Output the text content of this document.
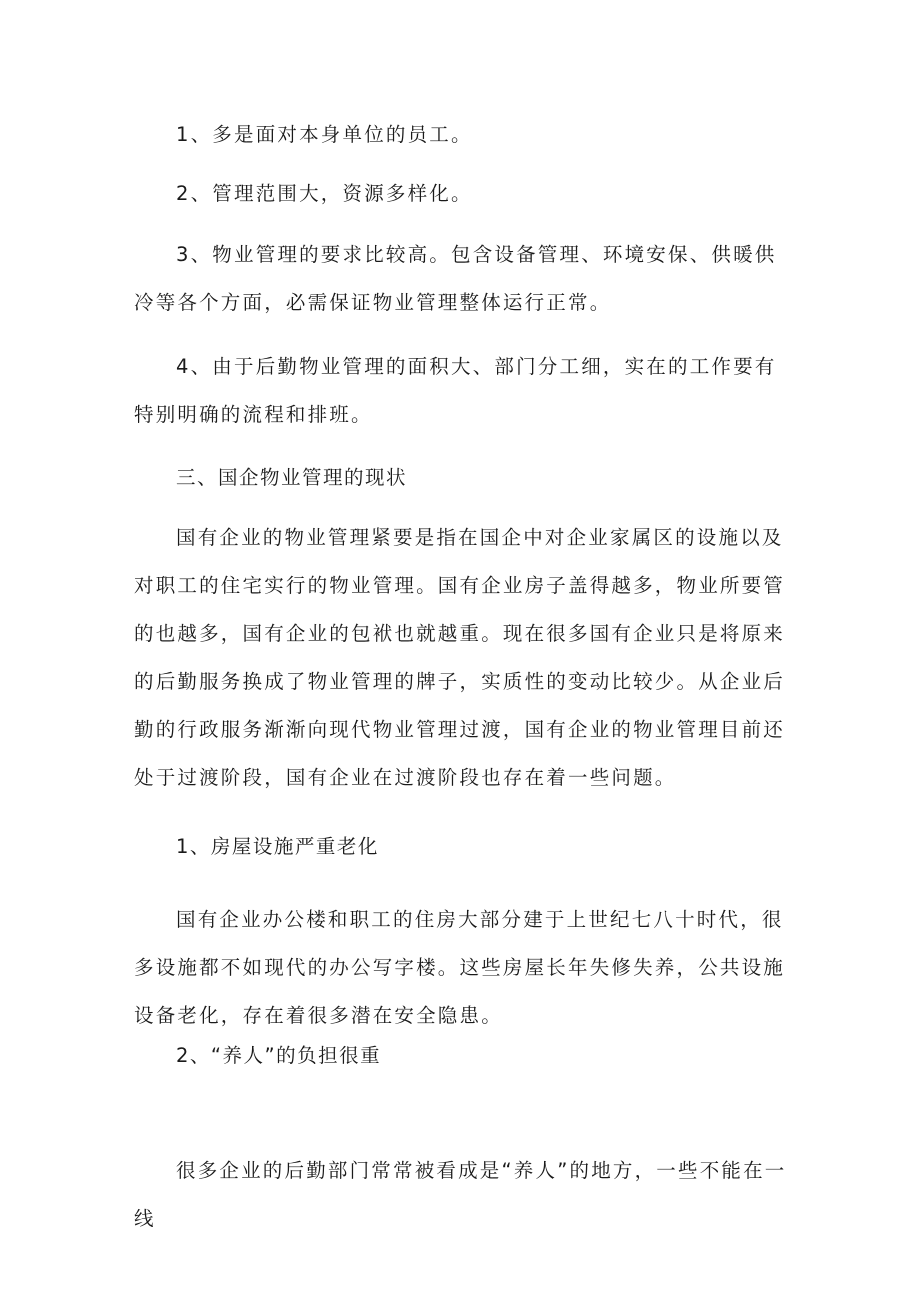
1、多是面对本身单位的员工。

2、管理范围大，资源多样化。

3、物业管理的要求比较高。包含设备管理、环境安保、供暖供冷等各个方面，必需保证物业管理整体运行正常。

4、由于后勤物业管理的面积大、部门分工细，实在的工作要有特别明确的流程和排班。

三、国企物业管理的现状

国有企业的物业管理紧要是指在国企中对企业家属区的设施以及对职工的住宅实行的物业管理。国有企业房子盖得越多，物业所要管的也越多，国有企业的包袱也就越重。现在很多国有企业只是将原来的后勤服务换成了物业管理的牌子，实质性的变动比较少。从企业后勤的行政服务渐渐向现代物业管理过渡，国有企业的物业管理目前还处于过渡阶段，国有企业在过渡阶段也存在着一些问题。

1、房屋设施严重老化

国有企业办公楼和职工的住房大部分建于上世纪七八十时代，很多设施都不如现代的办公写字楼。这些房屋长年失修失养，公共设施设备老化，存在着很多潜在安全隐患。

2、“养人”的负担很重

很多企业的后勤部门常常被看成是“养人”的地方，一些不能在一线
